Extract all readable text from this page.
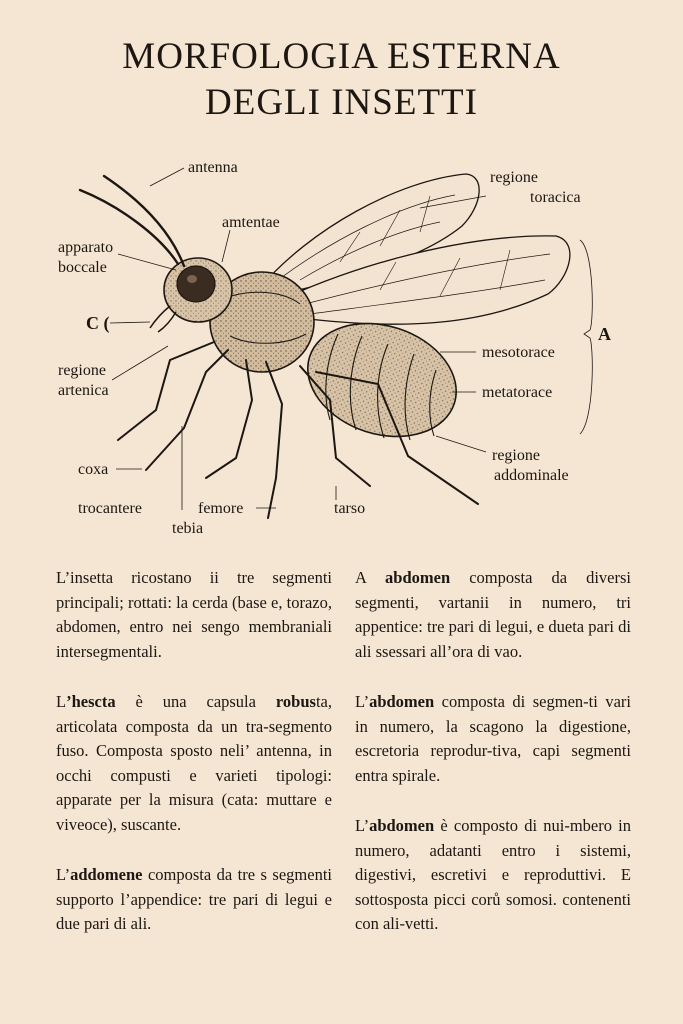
MORFOLOGIA ESTERNA
DEGLI INSETTI
antenna
amtentae
apparato
boccale
C (
regione
artenica
coxa
trocantere
tebia
femore	tarso
regione
toracica
A
mesotorace
metatorace
regione
addominale

L’insetta ricostano ii tre segmenti principali; rottati: la cerda (base e, torazo, abdomen, entro nei sengo membraniali intersegmentali.

L’hescta è una capsula robusta, articolata composta da un tra-segmento fuso. Composta sposto neli’ antenna, in occhi compusti e varieti tipologi: apparate per la misura (cata: muttare e viveoce), suscante.

L’addomene composta da tre s segmenti supporto l’appendice: tre pari di legui e due pari di ali.

A abdomen composta da diversi segmenti, vartanii in numero, tri appentice: tre pari di legui, e dueta pari di ali ssessari all’ora di vao.

L’abdomen composta di segmen-ti vari in numero, la scagono la digestione, escretoria reprodur-tiva, capi segmenti entra spirale.

L’abdomen è composto di nui-mbero in numero, adatanti entro i sistemi, digestivi, escretivi e reproduttivi. E sottosposta picci corů somosi. contenenti con ali-vetti.
